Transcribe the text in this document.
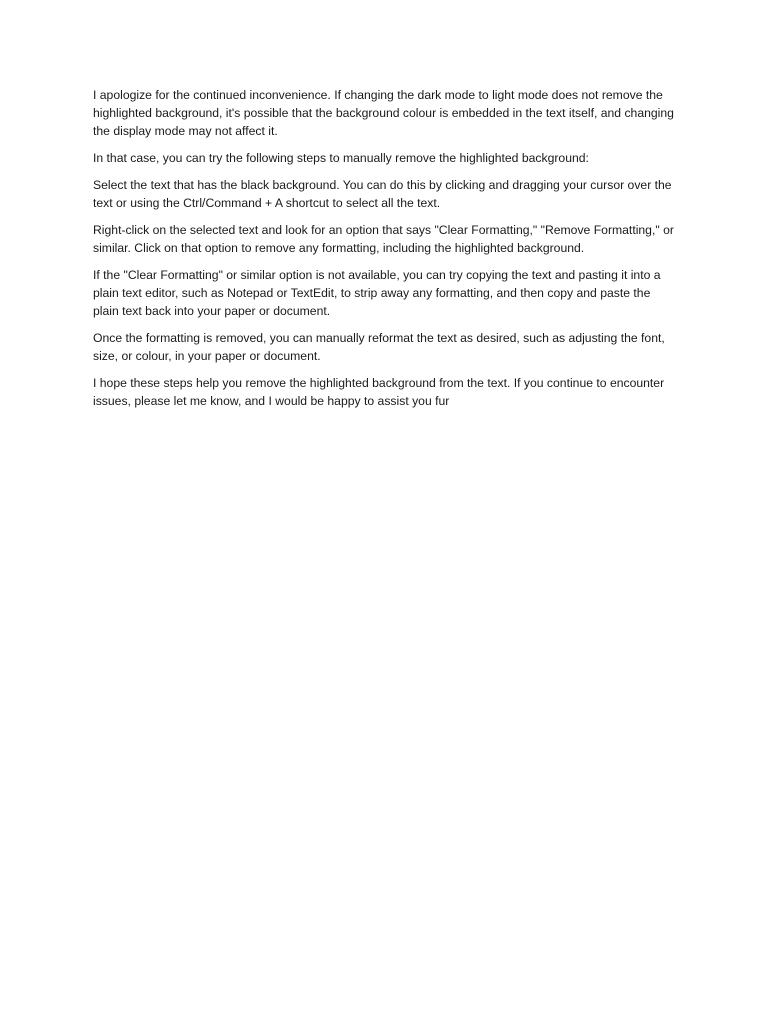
I apologize for the continued inconvenience. If changing the dark mode to light mode does not remove the highlighted background, it's possible that the background colour is embedded in the text itself, and changing the display mode may not affect it.

In that case, you can try the following steps to manually remove the highlighted background:

Select the text that has the black background. You can do this by clicking and dragging your cursor over the text or using the Ctrl/Command + A shortcut to select all the text.

Right-click on the selected text and look for an option that says "Clear Formatting," "Remove Formatting," or similar. Click on that option to remove any formatting, including the highlighted background.

If the "Clear Formatting" or similar option is not available, you can try copying the text and pasting it into a plain text editor, such as Notepad or TextEdit, to strip away any formatting, and then copy and paste the plain text back into your paper or document.

Once the formatting is removed, you can manually reformat the text as desired, such as adjusting the font, size, or colour, in your paper or document.

I hope these steps help you remove the highlighted background from the text. If you continue to encounter issues, please let me know, and I would be happy to assist you fur
